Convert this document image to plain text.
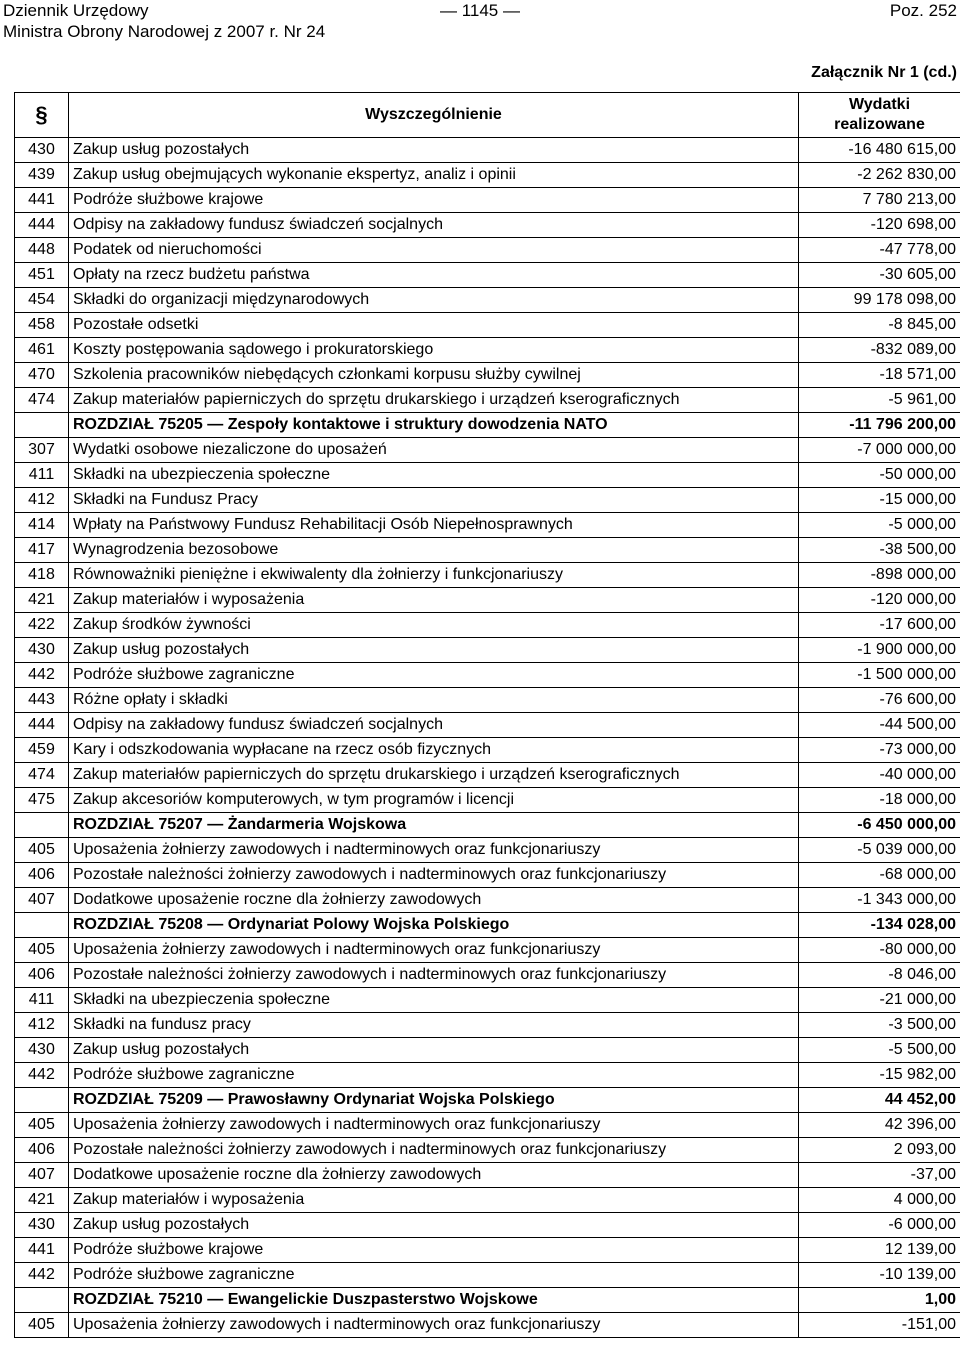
Dziennik Urzędowy
Ministra Obrony Narodowej z 2007 r. Nr 24
— 1145 —	Poz. 252
Załącznik Nr 1 (cd.)
§	Wyszczególnienie	Wydatki
realizowane

430	Zakup usług pozostałych	-16 480 615,00
439	Zakup usług obejmujących wykonanie ekspertyz, analiz i opinii	-2 262 830,00
441	Podróże służbowe krajowe	7 780 213,00
444	Odpisy na zakładowy fundusz świadczeń socjalnych	-120 698,00
448	Podatek od nieruchomości	-47 778,00
451	Opłaty na rzecz budżetu państwa	-30 605,00
454	Składki do organizacji międzynarodowych	99 178 098,00
458	Pozostałe odsetki	-8 845,00
461	Koszty postępowania sądowego i prokuratorskiego	-832 089,00
470	Szkolenia pracowników niebędących członkami korpusu służby cywilnej	-18 571,00
474	Zakup materiałów papierniczych do sprzętu drukarskiego i urządzeń kserograficznych	-5 961,00
	ROZDZIAŁ 75205 — Zespoły kontaktowe i struktury dowodzenia NATO	-11 796 200,00
307	Wydatki osobowe niezaliczone do uposażeń	-7 000 000,00
411	Składki na ubezpieczenia społeczne	-50 000,00
412	Składki na Fundusz Pracy	-15 000,00
414	Wpłaty na Państwowy Fundusz Rehabilitacji Osób Niepełnosprawnych	-5 000,00
417	Wynagrodzenia bezosobowe	-38 500,00
418	Równoważniki pieniężne i ekwiwalenty dla żołnierzy i funkcjonariuszy	-898 000,00
421	Zakup materiałów i wyposażenia	-120 000,00
422	Zakup środków żywności	-17 600,00
430	Zakup usług pozostałych	-1 900 000,00
442	Podróże służbowe zagraniczne	-1 500 000,00
443	Różne opłaty i składki	-76 600,00
444	Odpisy na zakładowy fundusz świadczeń socjalnych	-44 500,00
459	Kary i odszkodowania wypłacane na rzecz osób fizycznych	-73 000,00
474	Zakup materiałów papierniczych do sprzętu drukarskiego i urządzeń kserograficznych	-40 000,00
475	Zakup akcesoriów komputerowych, w tym programów i licencji	-18 000,00
	ROZDZIAŁ 75207 — Żandarmeria Wojskowa	-6 450 000,00
405	Uposażenia żołnierzy zawodowych i nadterminowych oraz funkcjonariuszy	-5 039 000,00
406	Pozostałe należności żołnierzy zawodowych i nadterminowych oraz funkcjonariuszy	-68 000,00
407	Dodatkowe uposażenie roczne dla żołnierzy zawodowych	-1 343 000,00
	ROZDZIAŁ 75208 — Ordynariat Polowy Wojska Polskiego	-134 028,00
405	Uposażenia żołnierzy zawodowych i nadterminowych oraz funkcjonariuszy	-80 000,00
406	Pozostałe należności żołnierzy zawodowych i nadterminowych oraz funkcjonariuszy	-8 046,00
411	Składki na ubezpieczenia społeczne	-21 000,00
412	Składki na fundusz pracy	-3 500,00
430	Zakup usług pozostałych	-5 500,00
442	Podróże służbowe zagraniczne	-15 982,00
	ROZDZIAŁ 75209 — Prawosławny Ordynariat Wojska Polskiego	44 452,00
405	Uposażenia żołnierzy zawodowych i nadterminowych oraz funkcjonariuszy	42 396,00
406	Pozostałe należności żołnierzy zawodowych i nadterminowych oraz funkcjonariuszy	2 093,00
407	Dodatkowe uposażenie roczne dla żołnierzy zawodowych	-37,00
421	Zakup materiałów i wyposażenia	4 000,00
430	Zakup usług pozostałych	-6 000,00
441	Podróże służbowe krajowe	12 139,00
442	Podróże służbowe zagraniczne	-10 139,00
	ROZDZIAŁ 75210 — Ewangelickie Duszpasterstwo Wojskowe	1,00
405	Uposażenia żołnierzy zawodowych i nadterminowych oraz funkcjonariuszy	-151,00
